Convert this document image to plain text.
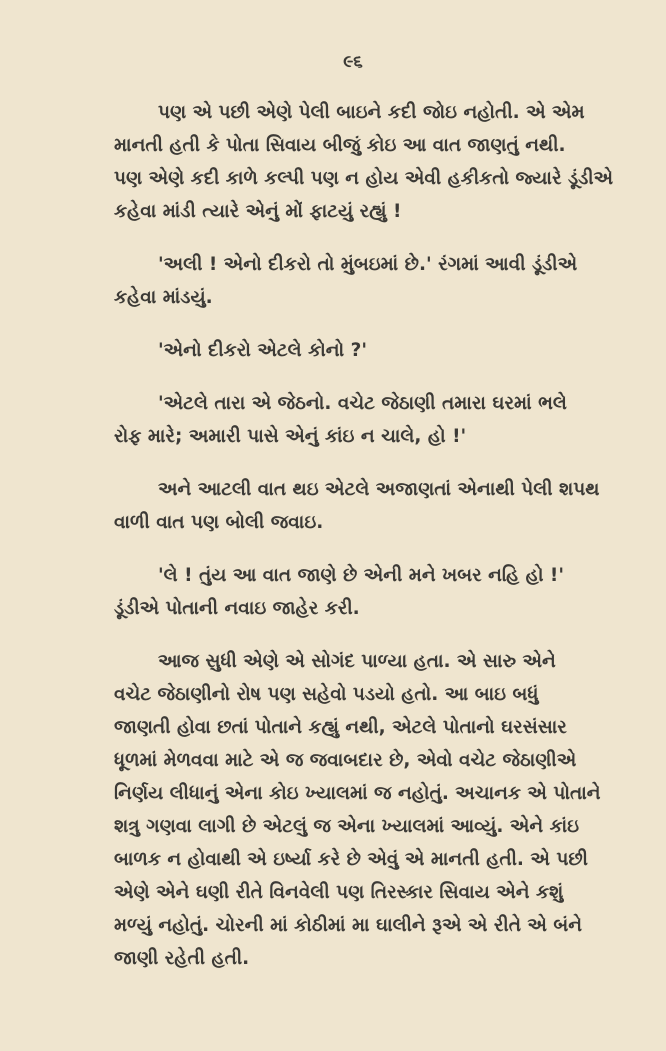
૯૬
પણ એ પછી એણે પેલી બાઇને કદી જોઇ નહોતી. એ એમ
માનતી હતી કે પોતા સિવાય બીજું કોઇ આ વાત જાણતું નથી.
પણ એણે કદી કાળે કલ્પી પણ ન હોય એવી હકીકતો જ્યારે ડૂંડીએ
કહેવા માંડી ત્યારે એનું મોં ફાટયું રહ્યું !
'અલી ! એનો દીકરો તો મુંબઇમાં છે.' રંગમાં આવી ડૂંડીએ
કહેવા માંડયું.
'એનો દીકરો એટલે કોનો ?'
'એટલે તારા એ જેઠનો. વચેટ જેઠાણી તમારા ઘરમાં ભલે
રોફ મારે; અમારી પાસે એનું કાંઇ ન ચાલે, હો !'
અને આટલી વાત થઇ એટલે અજાણતાં એનાથી પેલી શપથ
વાળી વાત પણ બોલી જવાઇ.
'લે ! તુંય આ વાત જાણે છે એની મને ખબર નહિ હો !'
ડૂંડીએ પોતાની નવાઇ જાહેર કરી.
આજ સુધી એણે એ સોગંદ પાળ્યા હતા. એ સારુ એને
વચેટ જેઠાણીનો રોષ પણ સહેવો પડયો હતો. આ બાઇ બધું
જાણતી હોવા છતાં પોતાને કહ્યું નથી, એટલે પોતાનો ઘરસંસાર
ધૂળમાં મેળવવા માટે એ જ જવાબદાર છે, એવો વચેટ જેઠાણીએ
નિર્ણય લીધાનું એના કોઇ ખ્યાલમાં જ નહોતું. અચાનક એ પોતાને
શત્રુ ગણવા લાગી છે એટલું જ એના ખ્યાલમાં આવ્યું. એને કાંઇ
બાળક ન હોવાથી એ ઇર્ષ્યા કરે છે એવું એ માનતી હતી. એ પછી
એણે એને ઘણી રીતે વિનવેલી પણ તિરસ્કાર સિવાય એને કશું
મળ્યું નહોતું. ચોરની માં કોઠીમાં મા ઘાલીને રૂએ એ રીતે એ બંને
જાણી રહેતી હતી.
